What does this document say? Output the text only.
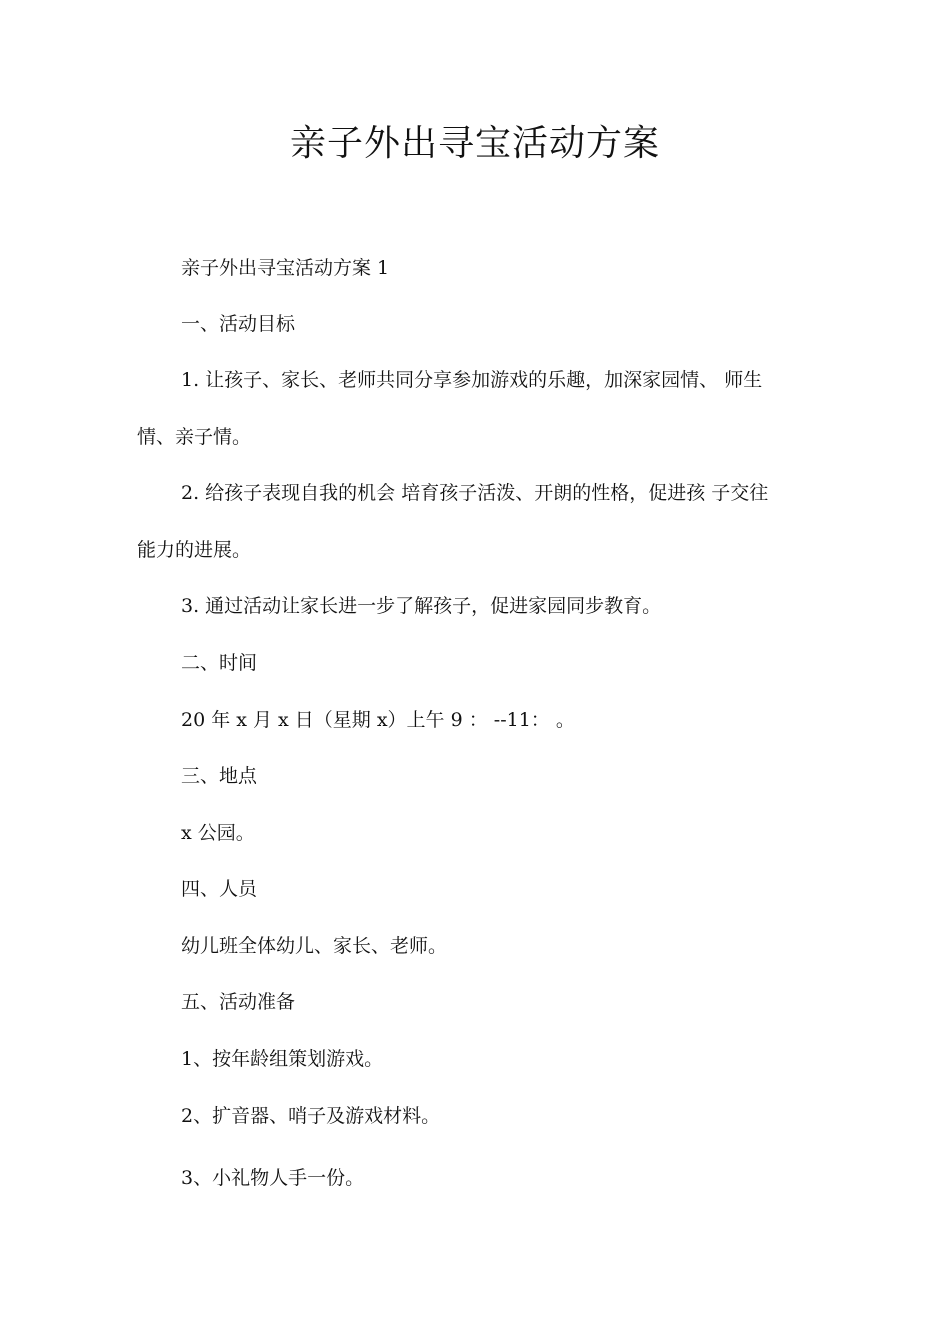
亲子外出寻宝活动方案
亲子外出寻宝活动方案 1
一、活动目标
1. 让孩子、家长、老师共同分享参加游戏的乐趣，加深家园情、 师生
情、亲子情。
2. 给孩子表现自我的机会 培育孩子活泼、开朗的性格，促进孩 子交往
能力的进展。
3. 通过活动让家长进一步了解孩子，促进家园同步教育。
二、时间
20 年 x 月 x 日（星期 x）上午 9 ： --11： 。
三、地点
x 公园。
四、人员
幼儿班全体幼儿、家长、老师。
五、活动准备
1、按年龄组策划游戏。
2、扩音器、哨子及游戏材料。
3、小礼物人手一份。
